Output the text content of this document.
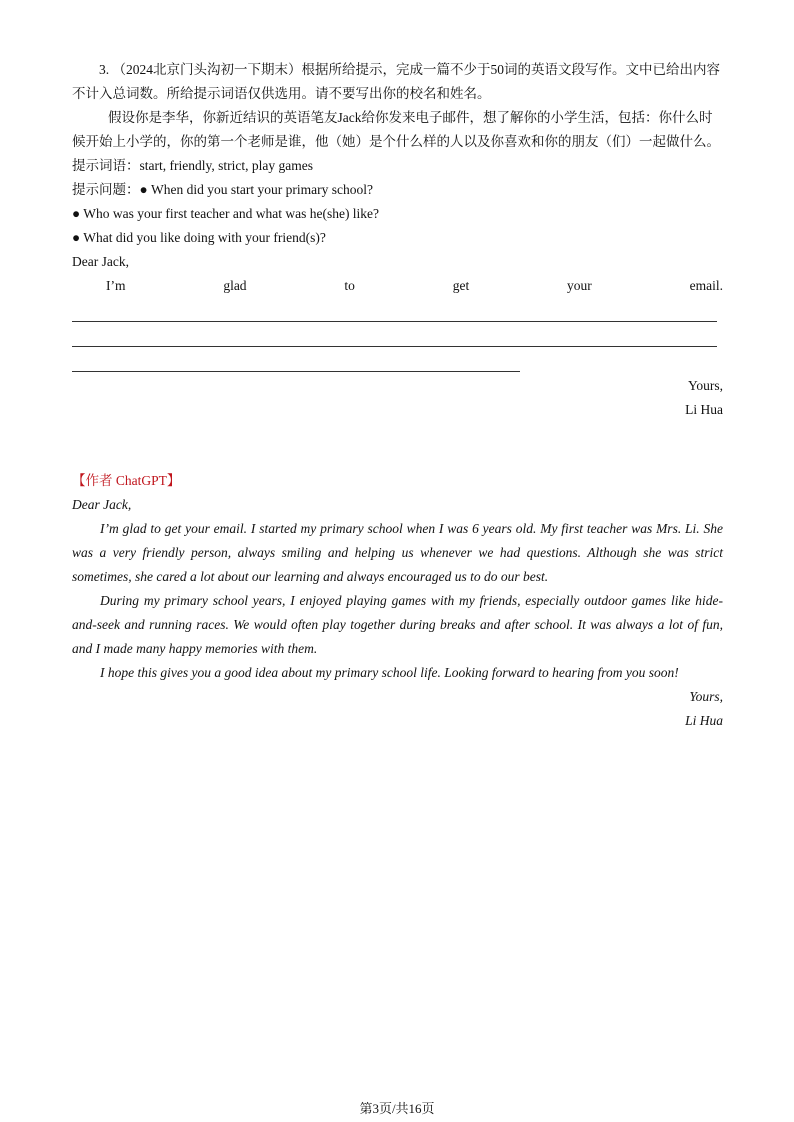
3. （2024北京门头沟初一下期末）根据所给提示，完成一篇不少于50词的英语文段写作。文中已给出内容不计入总词数。所给提示词语仅供选用。请不要写出你的校名和姓名。
假设你是李华，你新近结识的英语笔友Jack给你发来电子邮件，想了解你的小学生活，包括：你什么时候开始上小学的，你的第一个老师是谁，他（她）是个什么样的人以及你喜欢和你的朋友（们）一起做什么。
提示词语：start, friendly, strict, play games
提示问题：● When did you start your primary school?
● Who was your first teacher and what was he(she) like?
● What did you like doing with your friend(s)?
Dear Jack,
I’m	glad	to	get	your	email.
Yours,
Li Hua
【作者 ChatGPT】
Dear Jack,
I’m glad to get your email. I started my primary school when I was 6 years old. My first teacher was Mrs. Li. She was a very friendly person, always smiling and helping us whenever we had questions. Although she was strict sometimes, she cared a lot about our learning and always encouraged us to do our best.
During my primary school years, I enjoyed playing games with my friends, especially outdoor games like hide-and-seek and running races. We would often play together during breaks and after school. It was always a lot of fun, and I made many happy memories with them.
I hope this gives you a good idea about my primary school life. Looking forward to hearing from you soon!
Yours,
Li Hua
第3页/共16页
